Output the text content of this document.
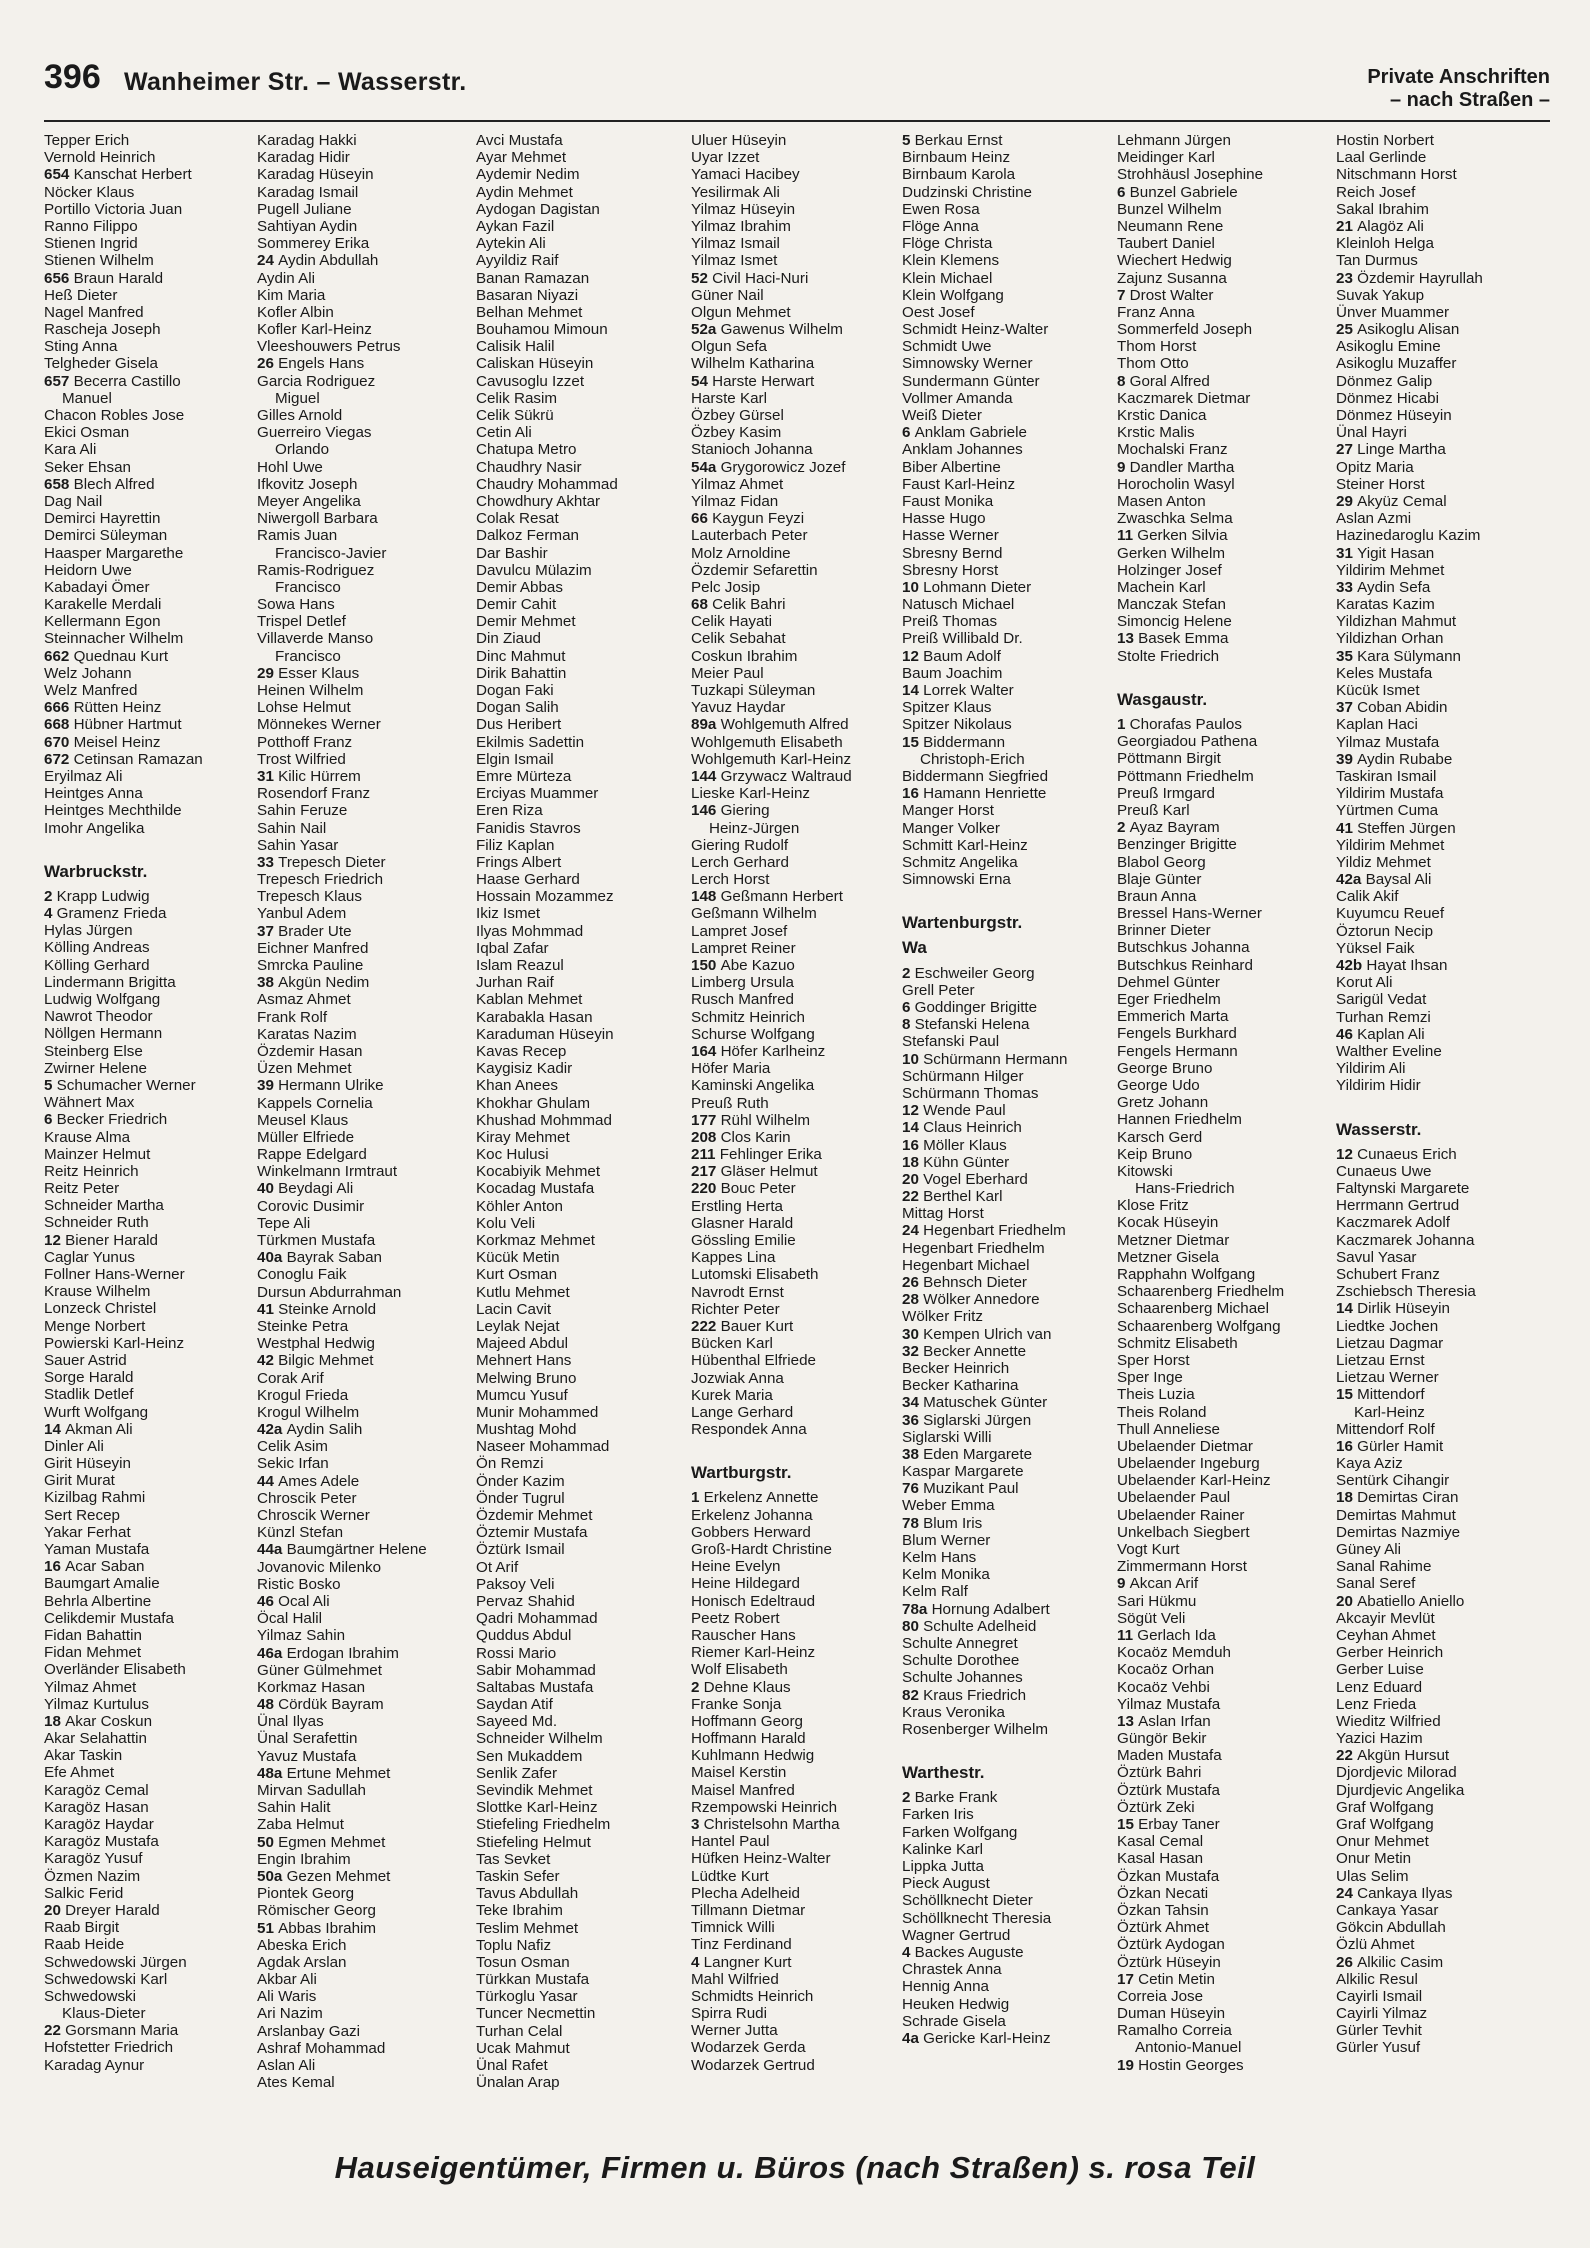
396 Wanheimer Str. – Wasserstr.	Private Anschriften
– nach Straßen –
Tepper Erich
Vernold Heinrich
654 Kanschat Herbert
Nöcker Klaus
Portillo Victoria Juan
Ranno Filippo
Stienen Ingrid
Stienen Wilhelm
656 Braun Harald
Heß Dieter
Nagel Manfred
Rascheja Joseph
Sting Anna
Telgheder Gisela
657 Becerra Castillo
Manuel
Chacon Robles Jose
Ekici Osman
Kara Ali
Seker Ehsan
658 Blech Alfred
Dag Nail
Demirci Hayrettin
Demirci Süleyman
Haasper Margarethe
Heidorn Uwe
Kabadayi Ömer
Karakelle Merdali
Kellermann Egon
Steinnacher Wilhelm
662 Quednau Kurt
Welz Johann
Welz Manfred
666 Rütten Heinz
668 Hübner Hartmut
670 Meisel Heinz
672 Cetinsan Ramazan
Eryilmaz Ali
Heintges Anna
Heintges Mechthilde
Imohr Angelika
Warbruckstr.
2 Krapp Ludwig
4 Gramenz Frieda
Hylas Jürgen
Kölling Andreas
Kölling Gerhard
Lindermann Brigitta
Ludwig Wolfgang
Nawrot Theodor
Nöllgen Hermann
Steinberg Else
Zwirner Helene
5 Schumacher Werner
Wähnert Max
6 Becker Friedrich
Krause Alma
Mainzer Helmut
Reitz Heinrich
Reitz Peter
Schneider Martha
Schneider Ruth
12 Biener Harald
Caglar Yunus
Follner Hans-Werner
Krause Wilhelm
Lonzeck Christel
Menge Norbert
Powierski Karl-Heinz
Sauer Astrid
Sorge Harald
Stadlik Detlef
Wurft Wolfgang
14 Akman Ali
Dinler Ali
Girit Hüseyin
Girit Murat
Kizilbag Rahmi
Sert Recep
Yakar Ferhat
Yaman Mustafa
16 Acar Saban
Baumgart Amalie
Behrla Albertine
Celikdemir Mustafa
Fidan Bahattin
Fidan Mehmet
Overländer Elisabeth
Yilmaz Ahmet
Yilmaz Kurtulus
18 Akar Coskun
Akar Selahattin
Akar Taskin
Efe Ahmet
Karagöz Cemal
Karagöz Hasan
Karagöz Haydar
Karagöz Mustafa
Karagöz Yusuf
Özmen Nazim
Salkic Ferid
20 Dreyer Harald
Raab Birgit
Raab Heide
Schwedowski Jürgen
Schwedowski Karl
Schwedowski
Klaus-Dieter
22 Gorsmann Maria
Hofstetter Friedrich
Karadag Aynur
Karadag Hakki
Karadag Hidir
Karadag Hüseyin
Karadag Ismail
Pugell Juliane
Sahtiyan Aydin
Sommerey Erika
24 Aydin Abdullah
Aydin Ali
Kim Maria
Kofler Albin
Kofler Karl-Heinz
Vleeshouwers Petrus
26 Engels Hans
Garcia Rodriguez
Miguel
Gilles Arnold
Guerreiro Viegas
Orlando
Hohl Uwe
Ifkovitz Joseph
Meyer Angelika
Niwergoll Barbara
Ramis Juan
Francisco-Javier
Ramis-Rodriguez
Francisco
Sowa Hans
Trispel Detlef
Villaverde Manso
Francisco
29 Esser Klaus
Heinen Wilhelm
Lohse Helmut
Mönnekes Werner
Potthoff Franz
Trost Wilfried
31 Kilic Hürrem
Rosendorf Franz
Sahin Feruze
Sahin Nail
Sahin Yasar
33 Trepesch Dieter
Trepesch Friedrich
Trepesch Klaus
Yanbul Adem
37 Brader Ute
Eichner Manfred
Smrcka Pauline
38 Akgün Nedim
Asmaz Ahmet
Frank Rolf
Karatas Nazim
Özdemir Hasan
Üzen Mehmet
39 Hermann Ulrike
Kappels Cornelia
Meusel Klaus
Müller Elfriede
Rappe Edelgard
Winkelmann Irmtraut
40 Beydagi Ali
Corovic Dusimir
Tepe Ali
Türkmen Mustafa
40a Bayrak Saban
Conoglu Faik
Dursun Abdurrahman
41 Steinke Arnold
Steinke Petra
Westphal Hedwig
42 Bilgic Mehmet
Corak Arif
Krogul Frieda
Krogul Wilhelm
42a Aydin Salih
Celik Asim
Sekic Irfan
44 Ames Adele
Chroscik Peter
Chroscik Werner
Künzl Stefan
44a Baumgärtner Helene
Jovanovic Milenko
Ristic Bosko
46 Ocal Ali
Öcal Halil
Yilmaz Sahin
46a Erdogan Ibrahim
Güner Gülmehmet
Korkmaz Hasan
48 Cördük Bayram
Ünal Ilyas
Ünal Serafettin
Yavuz Mustafa
48a Ertune Mehmet
Mirvan Sadullah
Sahin Halit
Zaba Helmut
50 Egmen Mehmet
Engin Ibrahim
50a Gezen Mehmet
Piontek Georg
Römischer Georg
51 Abbas Ibrahim
Abeska Erich
Agdak Arslan
Akbar Ali
Ali Waris
Ari Nazim
Arslanbay Gazi
Ashraf Mohammad
Aslan Ali
Ates Kemal
Avci Mustafa
Ayar Mehmet
Aydemir Nedim
Aydin Mehmet
Aydogan Dagistan
Aykan Fazil
Aytekin Ali
Ayyildiz Raif
Banan Ramazan
Basaran Niyazi
Belhan Mehmet
Bouhamou Mimoun
Calisik Halil
Caliskan Hüseyin
Cavusoglu Izzet
Celik Rasim
Celik Sükrü
Cetin Ali
Chatupa Metro
Chaudhry Nasir
Chaudry Mohammad
Chowdhury Akhtar
Colak Resat
Dalkoz Ferman
Dar Bashir
Davulcu Mülazim
Demir Abbas
Demir Cahit
Demir Mehmet
Din Ziaud
Dinc Mahmut
Dirik Bahattin
Dogan Faki
Dogan Salih
Dus Heribert
Ekilmis Sadettin
Elgin Ismail
Emre Mürteza
Erciyas Muammer
Eren Riza
Fanidis Stavros
Filiz Kaplan
Frings Albert
Haase Gerhard
Hossain Mozammez
Ikiz Ismet
Ilyas Mohmmad
Iqbal Zafar
Islam Reazul
Jurhan Raif
Kablan Mehmet
Karabakla Hasan
Karaduman Hüseyin
Kavas Recep
Kaygisiz Kadir
Khan Anees
Khokhar Ghulam
Khushad Mohmmad
Kiray Mehmet
Koc Hulusi
Kocabiyik Mehmet
Kocadag Mustafa
Köhler Anton
Kolu Veli
Korkmaz Mehmet
Kücük Metin
Kurt Osman
Kutlu Mehmet
Lacin Cavit
Leylak Nejat
Majeed Abdul
Mehnert Hans
Melwing Bruno
Mumcu Yusuf
Munir Mohammed
Mushtag Mohd
Naseer Mohammad
Ön Remzi
Önder Kazim
Önder Tugrul
Özdemir Mehmet
Öztemir Mustafa
Öztürk Ismail
Ot Arif
Paksoy Veli
Pervaz Shahid
Qadri Mohammad
Quddus Abdul
Rossi Mario
Sabir Mohammad
Saltabas Mustafa
Saydan Atif
Sayeed Md.
Schneider Wilhelm
Sen Mukaddem
Senlik Zafer
Sevindik Mehmet
Slottke Karl-Heinz
Stiefeling Friedhelm
Stiefeling Helmut
Tas Sevket
Taskin Sefer
Tavus Abdullah
Teke Ibrahim
Teslim Mehmet
Toplu Nafiz
Tosun Osman
Türkkan Mustafa
Türkoglu Yasar
Tuncer Necmettin
Turhan Celal
Ucak Mahmut
Ünal Rafet
Ünalan Arap
Uluer Hüseyin
Uyar Izzet
Yamaci Hacibey
Yesilirmak Ali
Yilmaz Hüseyin
Yilmaz Ibrahim
Yilmaz Ismail
Yilmaz Ismet
52 Civil Haci-Nuri
Güner Nail
Olgun Mehmet
52a Gawenus Wilhelm
Olgun Sefa
Wilhelm Katharina
54 Harste Herwart
Harste Karl
Özbey Gürsel
Özbey Kasim
Stanioch Johanna
54a Grygorowicz Jozef
Yilmaz Ahmet
Yilmaz Fidan
66 Kaygun Feyzi
Lauterbach Peter
Molz Arnoldine
Özdemir Sefarettin
Pelc Josip
68 Celik Bahri
Celik Hayati
Celik Sebahat
Coskun Ibrahim
Meier Paul
Tuzkapi Süleyman
Yavuz Haydar
89a Wohlgemuth Alfred
Wohlgemuth Elisabeth
Wohlgemuth Karl-Heinz
144 Grzywacz Waltraud
Lieske Karl-Heinz
146 Giering
Heinz-Jürgen
Giering Rudolf
Lerch Gerhard
Lerch Horst
148 Geßmann Herbert
Geßmann Wilhelm
Lampret Josef
Lampret Reiner
150 Abe Kazuo
Limberg Ursula
Rusch Manfred
Schmitz Heinrich
Schurse Wolfgang
164 Höfer Karlheinz
Höfer Maria
Kaminski Angelika
Preuß Ruth
177 Rühl Wilhelm
208 Clos Karin
211 Fehlinger Erika
217 Gläser Helmut
220 Bouc Peter
Erstling Herta
Glasner Harald
Gössling Emilie
Kappes Lina
Lutomski Elisabeth
Navrodt Ernst
Richter Peter
222 Bauer Kurt
Bücken Karl
Hübenthal Elfriede
Jozwiak Anna
Kurek Maria
Lange Gerhard
Respondek Anna
Wartburgstr.
1 Erkelenz Annette
Erkelenz Johanna
Gobbers Herward
Groß-Hardt Christine
Heine Evelyn
Heine Hildegard
Honisch Edeltraud
Peetz Robert
Rauscher Hans
Riemer Karl-Heinz
Wolf Elisabeth
2 Dehne Klaus
Franke Sonja
Hoffmann Georg
Hoffmann Harald
Kuhlmann Hedwig
Maisel Kerstin
Maisel Manfred
Rzempowski Heinrich
3 Christelsohn Martha
Hantel Paul
Hüfken Heinz-Walter
Lüdtke Kurt
Plecha Adelheid
Tillmann Dietmar
Timnick Willi
Tinz Ferdinand
4 Langner Kurt
Mahl Wilfried
Schmidts Heinrich
Spirra Rudi
Werner Jutta
Wodarzek Gerda
Wodarzek Gertrud
5 Berkau Ernst
Birnbaum Heinz
Birnbaum Karola
Dudzinski Christine
Ewen Rosa
Flöge Anna
Flöge Christa
Klein Klemens
Klein Michael
Klein Wolfgang
Oest Josef
Schmidt Heinz-Walter
Schmidt Uwe
Simnowsky Werner
Sundermann Günter
Vollmer Amanda
Weiß Dieter
6 Anklam Gabriele
Anklam Johannes
Biber Albertine
Faust Karl-Heinz
Faust Monika
Hasse Hugo
Hasse Werner
Sbresny Bernd
Sbresny Horst
10 Lohmann Dieter
Natusch Michael
Preiß Thomas
Preiß Willibald Dr.
12 Baum Adolf
Baum Joachim
14 Lorrek Walter
Spitzer Klaus
Spitzer Nikolaus
15 Biddermann
Christoph-Erich
Biddermann Siegfried
16 Hamann Henriette
Manger Horst
Manger Volker
Schmitt Karl-Heinz
Schmitz Angelika
Simnowski Erna
Wartenburgstr.
Wa
2 Eschweiler Georg
Grell Peter
6 Goddinger Brigitte
8 Stefanski Helena
Stefanski Paul
10 Schürmann Hermann
Schürmann Hilger
Schürmann Thomas
12 Wende Paul
14 Claus Heinrich
16 Möller Klaus
18 Kühn Günter
20 Vogel Eberhard
22 Berthel Karl
Mittag Horst
24 Hegenbart Friedhelm
Hegenbart Friedhelm
Hegenbart Michael
26 Behnsch Dieter
28 Wölker Annedore
Wölker Fritz
30 Kempen Ulrich van
32 Becker Annette
Becker Heinrich
Becker Katharina
34 Matuschek Günter
36 Siglarski Jürgen
Siglarski Willi
38 Eden Margarete
Kaspar Margarete
76 Muzikant Paul
Weber Emma
78 Blum Iris
Blum Werner
Kelm Hans
Kelm Monika
Kelm Ralf
78a Hornung Adalbert
80 Schulte Adelheid
Schulte Annegret
Schulte Dorothee
Schulte Johannes
82 Kraus Friedrich
Kraus Veronika
Rosenberger Wilhelm
Warthestr.
2 Barke Frank
Farken Iris
Farken Wolfgang
Kalinke Karl
Lippka Jutta
Pieck August
Schöllknecht Dieter
Schöllknecht Theresia
Wagner Gertrud
4 Backes Auguste
Chrastek Anna
Hennig Anna
Heuken Hedwig
Schrade Gisela
4a Gericke Karl-Heinz
Lehmann Jürgen
Meidinger Karl
Strohhäusl Josephine
6 Bunzel Gabriele
Bunzel Wilhelm
Neumann Rene
Taubert Daniel
Wiechert Hedwig
Zajunz Susanna
7 Drost Walter
Franz Anna
Sommerfeld Joseph
Thom Horst
Thom Otto
8 Goral Alfred
Kaczmarek Dietmar
Krstic Danica
Krstic Malis
Mochalski Franz
9 Dandler Martha
Horocholin Wasyl
Masen Anton
Zwaschka Selma
11 Gerken Silvia
Gerken Wilhelm
Holzinger Josef
Machein Karl
Manczak Stefan
Simoncig Helene
13 Basek Emma
Stolte Friedrich
Wasgaustr.
1 Chorafas Paulos
Georgiadou Pathena
Pöttmann Birgit
Pöttmann Friedhelm
Preuß Irmgard
Preuß Karl
2 Ayaz Bayram
Benzinger Brigitte
Blabol Georg
Blaje Günter
Braun Anna
Bressel Hans-Werner
Brinner Dieter
Butschkus Johanna
Butschkus Reinhard
Dehmel Günter
Eger Friedhelm
Emmerich Marta
Fengels Burkhard
Fengels Hermann
George Bruno
George Udo
Gretz Johann
Hannen Friedhelm
Karsch Gerd
Keip Bruno
Kitowski
Hans-Friedrich
Klose Fritz
Kocak Hüseyin
Metzner Dietmar
Metzner Gisela
Rapphahn Wolfgang
Schaarenberg Friedhelm
Schaarenberg Michael
Schaarenberg Wolfgang
Schmitz Elisabeth
Sper Horst
Sper Inge
Theis Luzia
Theis Roland
Thull Anneliese
Ubelaender Dietmar
Ubelaender Ingeburg
Ubelaender Karl-Heinz
Ubelaender Paul
Ubelaender Rainer
Unkelbach Siegbert
Vogt Kurt
Zimmermann Horst
9 Akcan Arif
Sari Hükmu
Sögüt Veli
11 Gerlach Ida
Kocaöz Memduh
Kocaöz Orhan
Kocaöz Vehbi
Yilmaz Mustafa
13 Aslan Irfan
Güngör Bekir
Maden Mustafa
Öztürk Bahri
Öztürk Mustafa
Öztürk Zeki
15 Erbay Taner
Kasal Cemal
Kasal Hasan
Özkan Mustafa
Özkan Necati
Özkan Tahsin
Öztürk Ahmet
Öztürk Aydogan
Öztürk Hüseyin
17 Cetin Metin
Correia Jose
Duman Hüseyin
Ramalho Correia
Antonio-Manuel
19 Hostin Georges
Hostin Norbert
Laal Gerlinde
Nitschmann Horst
Reich Josef
Sakal Ibrahim
21 Alagöz Ali
Kleinloh Helga
Tan Durmus
23 Özdemir Hayrullah
Suvak Yakup
Ünver Muammer
25 Asikoglu Alisan
Asikoglu Emine
Asikoglu Muzaffer
Dönmez Galip
Dönmez Hicabi
Dönmez Hüseyin
Ünal Hayri
27 Linge Martha
Opitz Maria
Steiner Horst
29 Akyüz Cemal
Aslan Azmi
Hazinedaroglu Kazim
31 Yigit Hasan
Yildirim Mehmet
33 Aydin Sefa
Karatas Kazim
Yildizhan Mahmut
Yildizhan Orhan
35 Kara Sülymann
Keles Mustafa
Kücük Ismet
37 Coban Abidin
Kaplan Haci
Yilmaz Mustafa
39 Aydin Rubabe
Taskiran Ismail
Yildirim Mustafa
Yürtmen Cuma
41 Steffen Jürgen
Yildirim Mehmet
Yildiz Mehmet
42a Baysal Ali
Calik Akif
Kuyumcu Reuef
Öztorun Necip
Yüksel Faik
42b Hayat Ihsan
Korut Ali
Sarigül Vedat
Turhan Remzi
46 Kaplan Ali
Walther Eveline
Yildirim Ali
Yildirim Hidir
Wasserstr.
12 Cunaeus Erich
Cunaeus Uwe
Faltynski Margarete
Herrmann Gertrud
Kaczmarek Adolf
Kaczmarek Johanna
Savul Yasar
Schubert Franz
Zschiebsch Theresia
14 Dirlik Hüseyin
Liedtke Jochen
Lietzau Dagmar
Lietzau Ernst
Lietzau Werner
15 Mittendorf
Karl-Heinz
Mittendorf Rolf
16 Gürler Hamit
Kaya Aziz
Sentürk Cihangir
18 Demirtas Ciran
Demirtas Mahmut
Demirtas Nazmiye
Güney Ali
Sanal Rahime
Sanal Seref
20 Abatiello Aniello
Akcayir Mevlüt
Ceyhan Ahmet
Gerber Heinrich
Gerber Luise
Lenz Eduard
Lenz Frieda
Wieditz Wilfried
Yazici Hazim
22 Akgün Hursut
Djordjevic Milorad
Djurdjevic Angelika
Graf Wolfgang
Graf Wolfgang
Onur Mehmet
Onur Metin
Ulas Selim
24 Cankaya Ilyas
Cankaya Yasar
Gökcin Abdullah
Özlü Ahmet
26 Alkilic Casim
Alkilic Resul
Cayirli Ismail
Cayirli Yilmaz
Gürler Tevhit
Gürler Yusuf
Hauseigentümer, Firmen u. Büros (nach Straßen) s. rosa Teil
